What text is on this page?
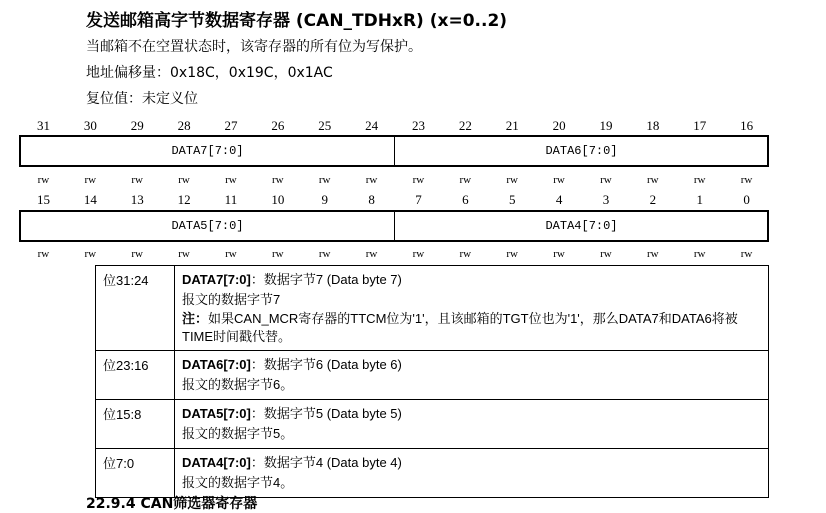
发送邮箱高字节数据寄存器 (CAN_TDHxR) (x=0..2)
当邮箱不在空置状态时，该寄存器的所有位为写保护。
地址偏移量：0x18C，0x19C，0x1AC
复位值：未定义位
31	30	29	28	27	26	25	24	23	22	21	20	19	18	17	16
DATA7[7:0]	DATA6[7:0]
rw	rw	rw	rw	rw	rw	rw	rw	rw	rw	rw	rw	rw	rw	rw	rw
15	14	13	12	11	10	9	8	7	6	5	4	3	2	1	0
DATA5[7:0]	DATA4[7:0]
rw	rw	rw	rw	rw	rw	rw	rw	rw	rw	rw	rw	rw	rw	rw	rw
位31:24	DATA7[7:0]：数据字节7 (Data byte 7)
报文的数据字节7
注：如果CAN_MCR寄存器的TTCM位为'1'，且该邮箱的TGT位也为'1'，那么DATA7和DATA6将被TIME时间戳代替。

位23:16	DATA6[7:0]：数据字节6 (Data byte 6)
报文的数据字节6。

位15:8	DATA5[7:0]：数据字节5 (Data byte 5)
报文的数据字节5。

位7:0	DATA4[7:0]：数据字节4 (Data byte 4)
报文的数据字节4。
22.9.4 CAN筛选器寄存器
